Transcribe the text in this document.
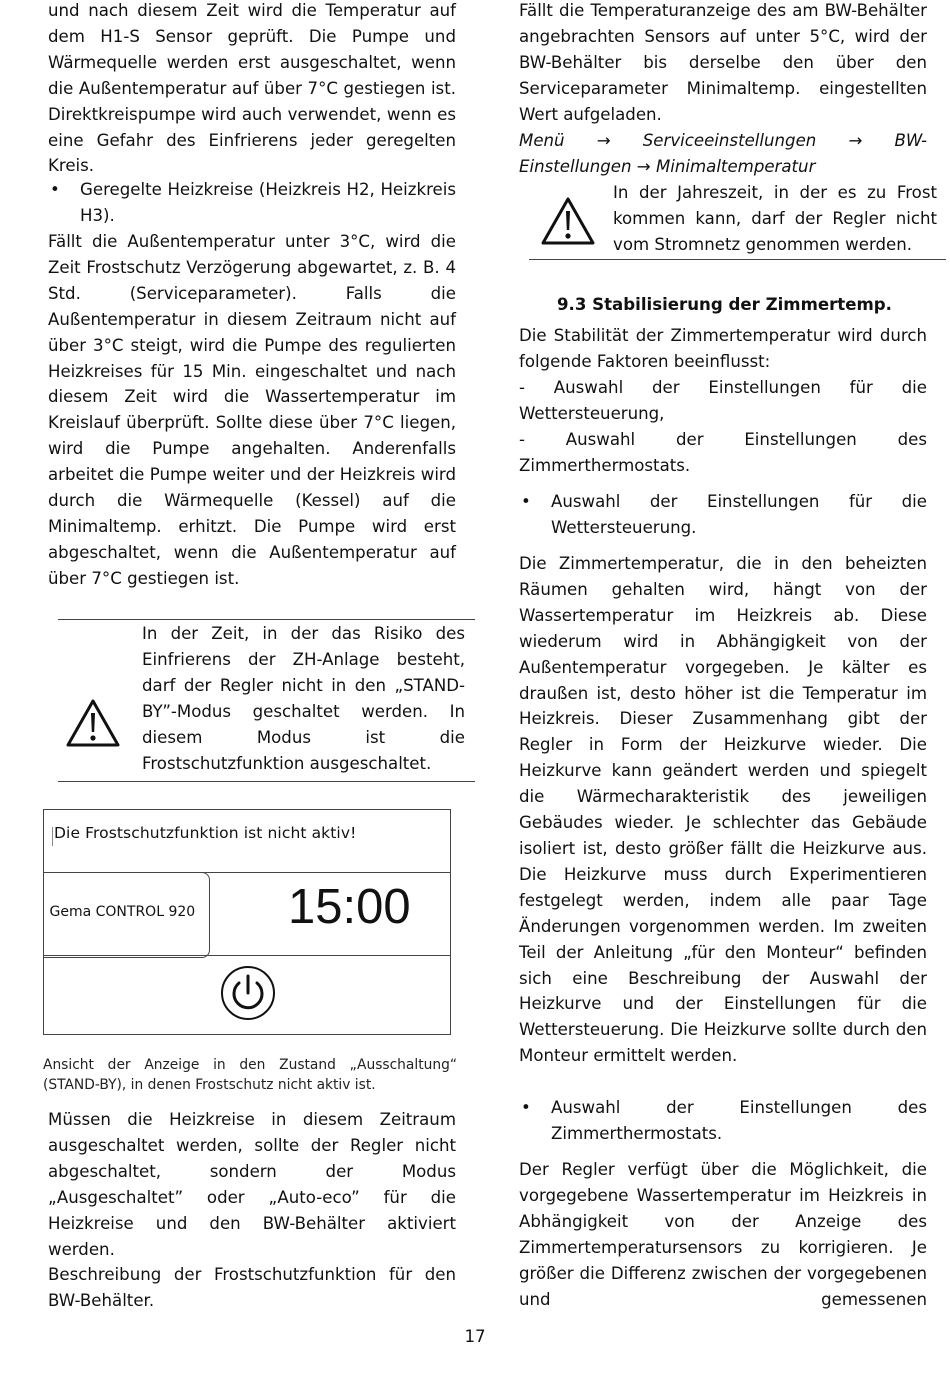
und nach diesem Zeit wird die Temperatur auf dem H1-S Sensor geprüft. Die Pumpe und Wärmequelle werden erst ausgeschaltet, wenn die Außentemperatur auf über 7°C gestiegen ist. Direktkreispumpe wird auch verwendet, wenn es eine Gefahr des Einfrierens jeder geregelten Kreis.

• Geregelte Heizkreise (Heizkreis H2, Heizkreis H3).

Fällt die Außentemperatur unter 3°C, wird die Zeit Frostschutz Verzögerung abgewartet, z. B. 4 Std. (Serviceparameter). Falls die Außentemperatur in diesem Zeitraum nicht auf über 3°C steigt, wird die Pumpe des regulierten Heizkreises für 15 Min. eingeschaltet und nach diesem Zeit wird die Wassertemperatur im Kreislauf überprüft. Sollte diese über 7°C liegen, wird die Pumpe angehalten. Anderenfalls arbeitet die Pumpe weiter und der Heizkreis wird durch die Wärmequelle (Kessel) auf die Minimaltemp. erhitzt. Die Pumpe wird erst abgeschaltet, wenn die Außentemperatur auf über 7°C gestiegen ist.

In der Zeit, in der das Risiko des Einfrierens der ZH-Anlage besteht, darf der Regler nicht in den „STAND-BY”-Modus geschaltet werden. In diesem Modus ist die Frostschutzfunktion ausgeschaltet.

Die Frostschutzfunktion ist nicht aktiv!
Gema CONTROL 920 15:00

Ansicht der Anzeige in den Zustand „Ausschaltung“ (STAND-BY), in denen Frostschutz nicht aktiv ist.

Müssen die Heizkreise in diesem Zeitraum ausgeschaltet werden, sollte der Regler nicht abgeschaltet, sondern der Modus „Ausgeschaltet” oder „Auto-eco” für die Heizkreise und den BW-Behälter aktiviert werden.

Beschreibung der Frostschutzfunktion für den BW-Behälter.

Fällt die Temperaturanzeige des am BW-Behälter angebrachten Sensors auf unter 5°C, wird der BW-Behälter bis derselbe den über den Serviceparameter Minimaltemp. eingestellten Wert aufgeladen.

Menü → Serviceeinstellungen → BW-Einstellungen → Minimaltemperatur

In der Jahreszeit, in der es zu Frost kommen kann, darf der Regler nicht vom Stromnetz genommen werden.

9.3 Stabilisierung der Zimmertemp.

Die Stabilität der Zimmertemperatur wird durch folgende Faktoren beeinflusst:

- Auswahl der Einstellungen für die Wettersteuerung,

- Auswahl der Einstellungen des Zimmerthermostats.

• Auswahl der Einstellungen für die Wettersteuerung.

Die Zimmertemperatur, die in den beheizten Räumen gehalten wird, hängt von der Wassertemperatur im Heizkreis ab. Diese wiederum wird in Abhängigkeit von der Außentemperatur vorgegeben. Je kälter es draußen ist, desto höher ist die Temperatur im Heizkreis. Dieser Zusammenhang gibt der Regler in Form der Heizkurve wieder. Die Heizkurve kann geändert werden und spiegelt die Wärmecharakteristik des jeweiligen Gebäudes wieder. Je schlechter das Gebäude isoliert ist, desto größer fällt die Heizkurve aus. Die Heizkurve muss durch Experimentieren festgelegt werden, indem alle paar Tage Änderungen vorgenommen werden. Im zweiten Teil der Anleitung „für den Monteur“ befinden sich eine Beschreibung der Auswahl der Heizkurve und der Einstellungen für die Wettersteuerung. Die Heizkurve sollte durch den Monteur ermittelt werden.

• Auswahl der Einstellungen des Zimmerthermostats.

Der Regler verfügt über die Möglichkeit, die vorgegebene Wassertemperatur im Heizkreis in Abhängigkeit von der Anzeige des Zimmertemperatursensors zu korrigieren. Je größer die Differenz zwischen der vorgegebenen und gemessenen

17
